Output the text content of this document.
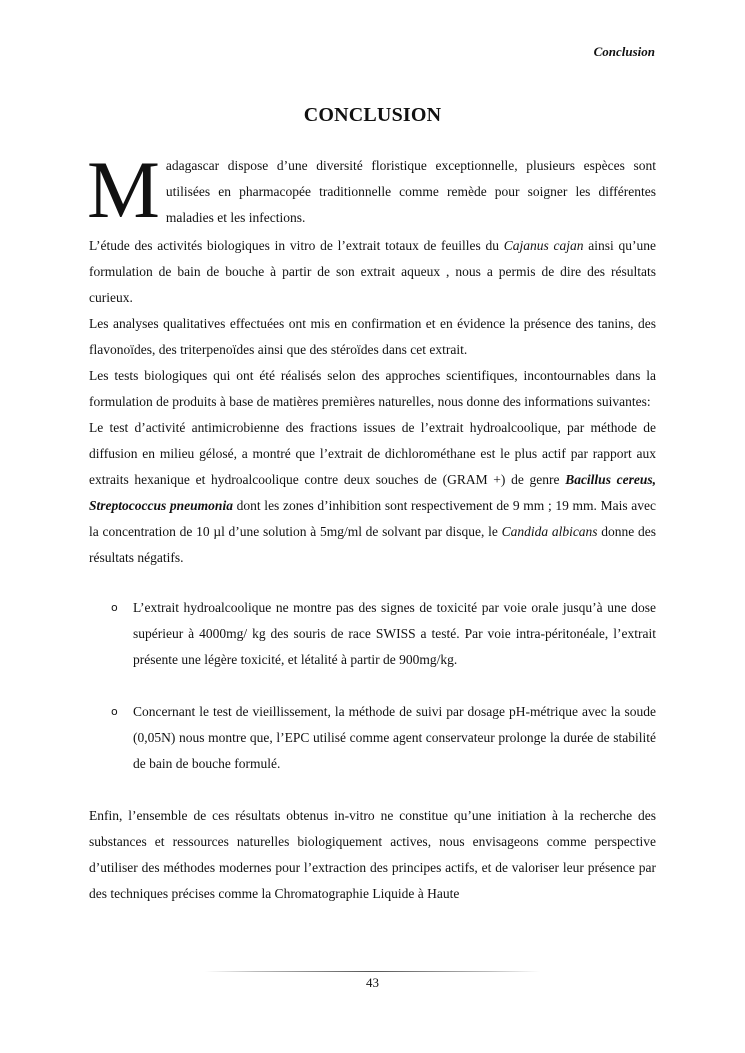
Conclusion
CONCLUSION
M adagascar dispose d’une diversité floristique exceptionnelle, plusieurs espèces sont utilisées en pharmacopée traditionnelle comme remède pour soigner les différentes maladies et les infections.

L’étude des activités biologiques in vitro de l’extrait totaux de feuilles du Cajanus cajan ainsi qu’une formulation de bain de bouche à partir de son extrait aqueux , nous a permis de dire des résultats curieux.

Les analyses qualitatives effectuées ont mis en confirmation et en évidence la présence des tanins, des flavonoïdes, des triterpenoïdes ainsi que des stéroïdes dans cet extrait.

Les tests biologiques qui ont été réalisés selon des approches scientifiques, incontournables dans la formulation de produits à base de matières premières naturelles, nous donne des informations suivantes:

Le test d’activité antimicrobienne des fractions issues de l’extrait hydroalcoolique, par méthode de diffusion en milieu gélosé, a montré que l’extrait de dichlorométhane est le plus actif par rapport aux extraits hexanique et hydroalcoolique contre deux souches de (GRAM +) de genre Bacillus cereus, Streptococcus pneumonia dont les zones d’inhibition sont respectivement de 9 mm ; 19 mm. Mais avec la concentration de 10 µl d’une solution à 5mg/ml de solvant par disque, le Candida albicans donne des résultats négatifs.

o L’extrait hydroalcoolique ne montre pas des signes de toxicité par voie orale jusqu’à une dose supérieur à 4000mg/ kg des souris de race SWISS a testé. Par voie intra-péritonéale, l’extrait présente une légère toxicité, et létalité à partir de 900mg/kg.
o Concernant le test de vieillissement, la méthode de suivi par dosage pH-métrique avec la soude (0,05N) nous montre que, l’EPC utilisé comme agent conservateur prolonge la durée de stabilité de bain de bouche formulé.

Enfin, l’ensemble de ces résultats obtenus in-vitro ne constitue qu’une initiation à la recherche des substances et ressources naturelles biologiquement actives, nous envisageons comme perspective d’utiliser des méthodes modernes pour l’extraction des principes actifs, et de valoriser leur présence par des techniques précises comme la Chromatographie Liquide à Haute

43
